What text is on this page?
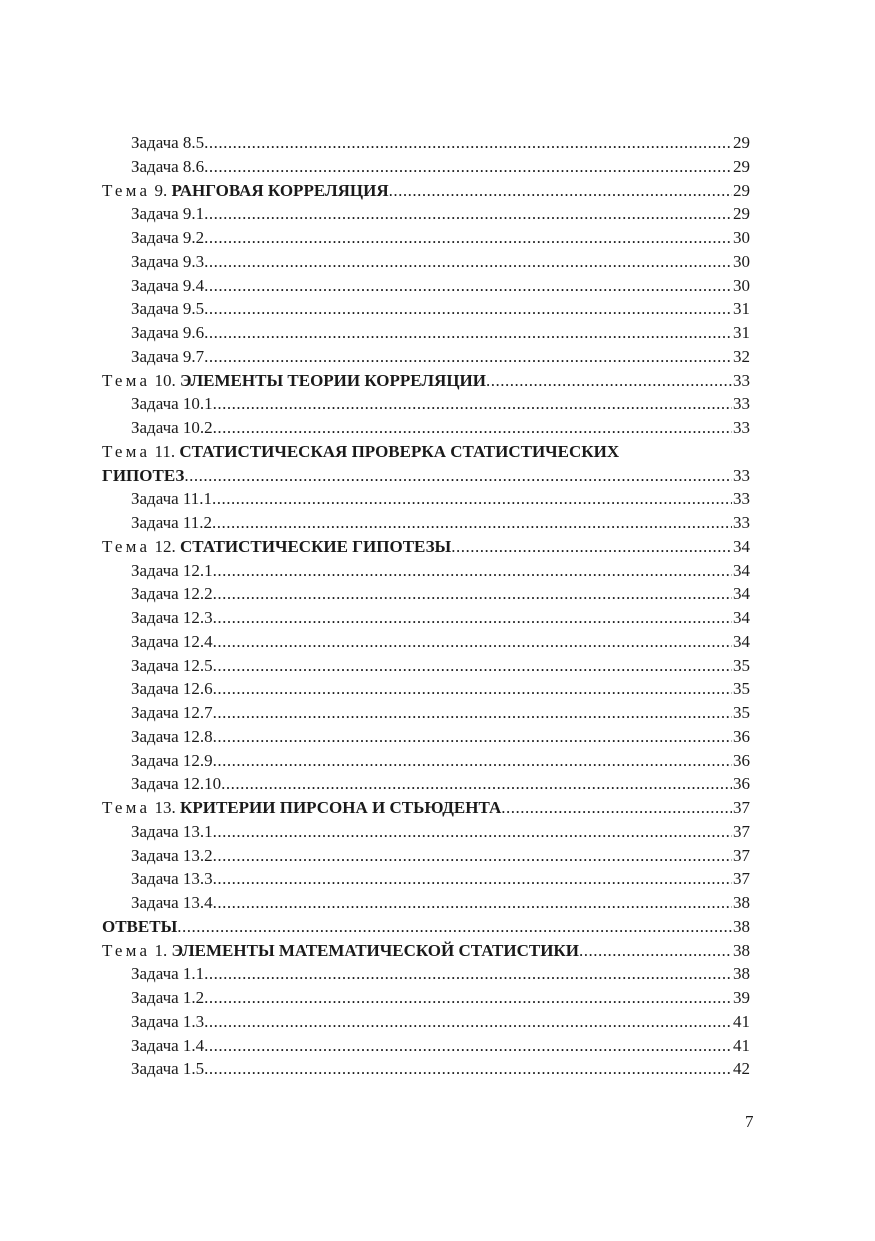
Задача 8.5 .....	29
Задача 8.6 .....	29
Тема 9. РАНГОВАЯ КОРРЕЛЯЦИЯ .....	29
Задача 9.1 .....	29
Задача 9.2 .....	30
Задача 9.3 .....	30
Задача 9.4 .....	30
Задача 9.5 .....	31
Задача 9.6 .....	31
Задача 9.7 .....	32
Тема 10. ЭЛЕМЕНТЫ ТЕОРИИ КОРРЕЛЯЦИИ .....	33
Задача 10.1 .....	33
Задача 10.2 .....	33
Тема 11. СТАТИСТИЧЕСКАЯ ПРОВЕРКА СТАТИСТИЧЕСКИХ
ГИПОТЕЗ .....	33
Задача 11.1 .....	33
Задача 11.2 .....	33
Тема 12. СТАТИСТИЧЕСКИЕ ГИПОТЕЗЫ .....	34
Задача 12.1 .....	34
Задача 12.2 .....	34
Задача 12.3 .....	34
Задача 12.4 .....	34
Задача 12.5 .....	35
Задача 12.6 .....	35
Задача 12.7 .....	35
Задача 12.8 .....	36
Задача 12.9 .....	36
Задача 12.10 .....	36
Тема 13. КРИТЕРИИ ПИРСОНА И СТЬЮДЕНТА .....	37
Задача 13.1 .....	37
Задача 13.2 .....	37
Задача 13.3 .....	37
Задача 13.4 .....	38
ОТВЕТЫ .....	38
Тема 1. ЭЛЕМЕНТЫ МАТЕМАТИЧЕСКОЙ СТАТИСТИКИ .....	38
Задача 1.1 .....	38
Задача 1.2 .....	39
Задача 1.3 .....	41
Задача 1.4 .....	41
Задача 1.5 .....	42
7
